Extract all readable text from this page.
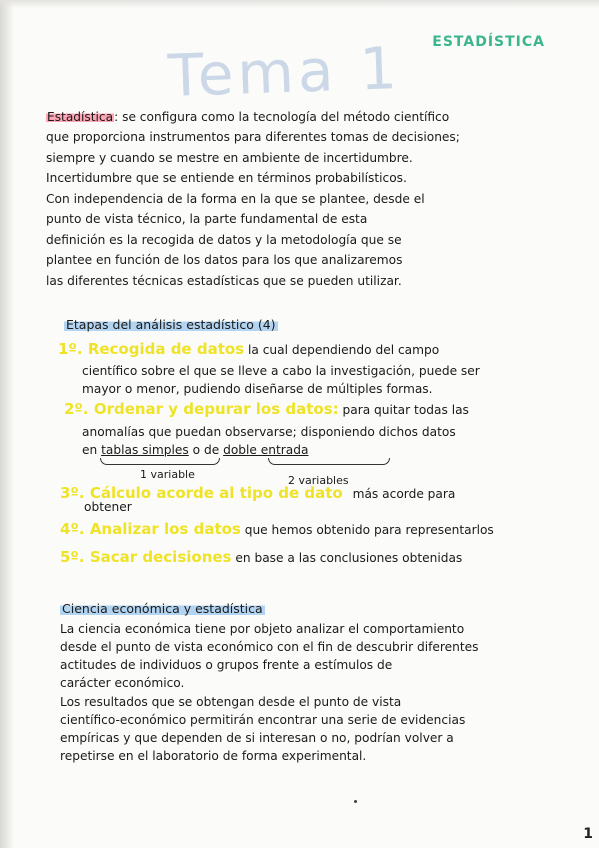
ESTADÍSTICA
Tema 1

Estadística: se configura como la tecnología del método científico

que proporciona instrumentos para diferentes tomas de decisiones;

siempre y cuando se mestre en ambiente de incertidumbre.

Incertidumbre que se entiende en términos probabilísticos.

Con independencia de la forma en la que se plantee, desde el

punto de vista técnico, la parte fundamental de esta

definición es la recogida de datos y la metodología que se

plantee en función de los datos para los que analizaremos

las diferentes técnicas estadísticas que se pueden utilizar.

Etapas del análisis estadístico (4)

1º. Recogida de datos la cual dependiendo del campo

científico sobre el que se lleve a cabo la investigación, puede ser

mayor o menor, pudiendo diseñarse de múltiples formas.

2º. Ordenar y depurar los datos: para quitar todas las

anomalías que puedan observarse; disponiendo dichos datos

en tablas simples o de doble entrada

1 variable	2 variables

3º. Cálculo acorde al tipo de dato más acorde para

obtener

4º. Analizar los datos que hemos obtenido para representarlos

5º. Sacar decisiones en base a las conclusiones obtenidas

Ciencia económica y estadística

La ciencia económica tiene por objeto analizar el comportamiento

desde el punto de vista económico con el fin de descubrir diferentes

actitudes de individuos o grupos frente a estímulos de

carácter económico.

Los resultados que se obtengan desde el punto de vista

científico-económico permitirán encontrar una serie de evidencias

empíricas y que dependen de si interesan o no, podrían volver a

repetirse en el laboratorio de forma experimental.

1
